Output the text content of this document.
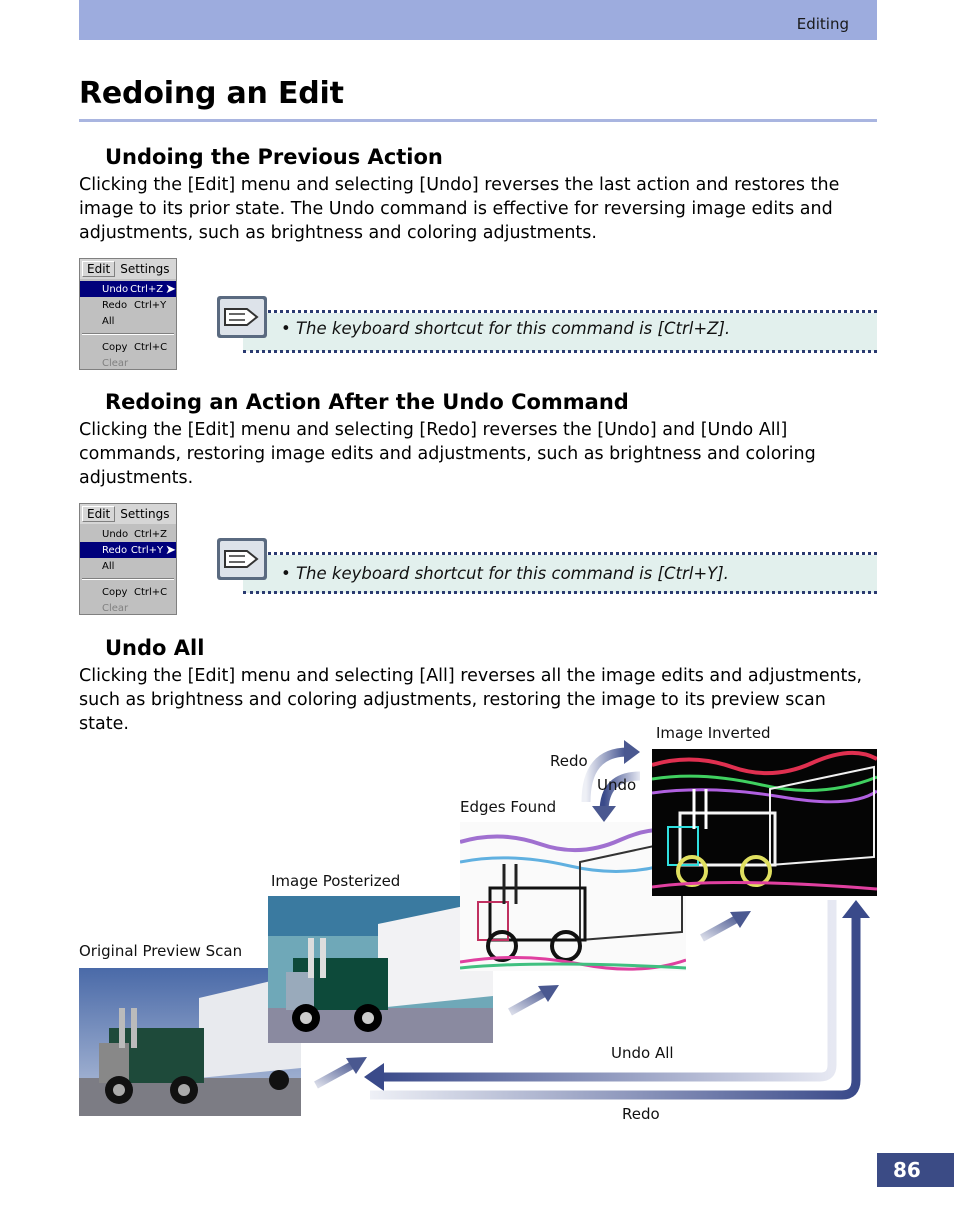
Editing
Redoing an Edit
Undoing the Previous Action

Clicking the [Edit] menu and selecting [Undo] reverses the last action and restores the image to its prior state. The Undo command is effective for reversing image edits and adjustments, such as brightness and coloring adjustments.

Edit Settings
Undo Ctrl+Z ➤
Redo Ctrl+Y
All
Copy Ctrl+C
Clear
• The keyboard shortcut for this command is [Ctrl+Z].
Redoing an Action After the Undo Command

Clicking the [Edit] menu and selecting [Redo] reverses the [Undo] and [Undo All] commands, restoring image edits and adjustments, such as brightness and coloring adjustments.

Edit Settings
Undo Ctrl+Z
Redo Ctrl+Y ➤
All
Copy Ctrl+C
Clear
• The keyboard shortcut for this command is [Ctrl+Y].
Undo All

Clicking the [Edit] menu and selecting [All] reverses all the image edits and adjustments, such as brightness and coloring adjustments, restoring the image to its preview scan state.

Original Preview Scan
Image Posterized
Edges Found
Image Inverted
Redo
Undo
Undo All
Redo
86
